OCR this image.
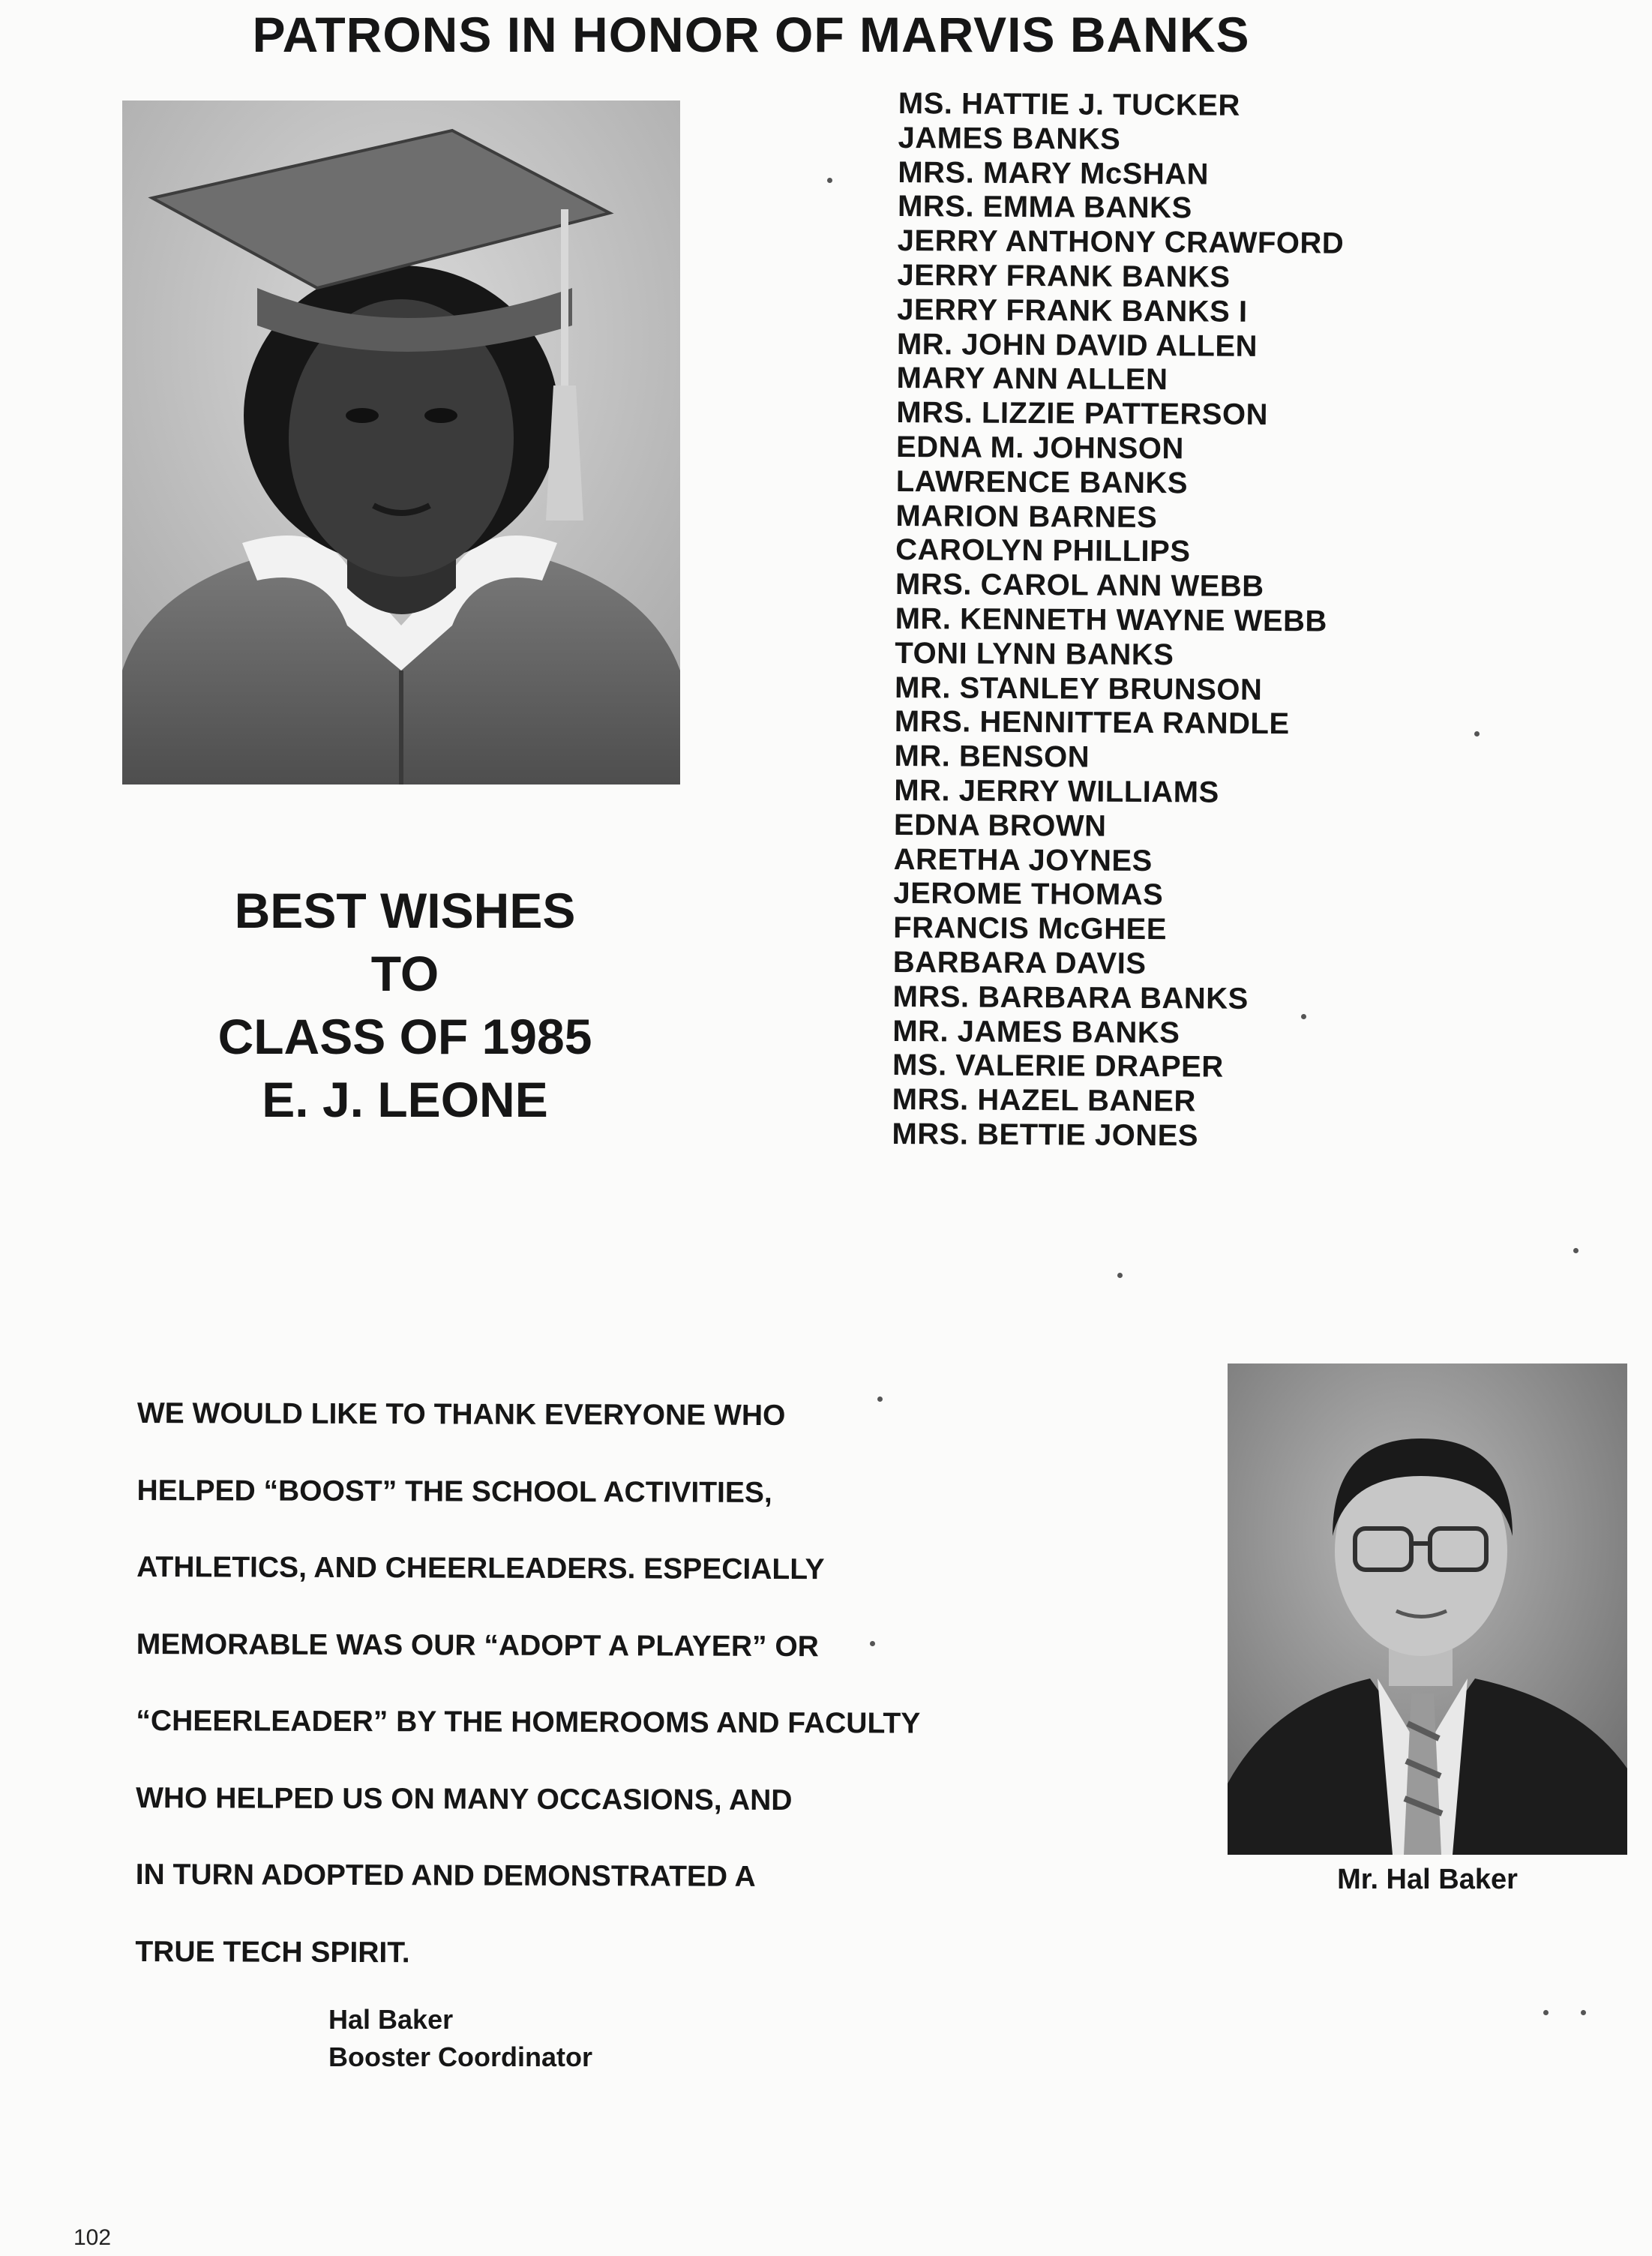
PATRONS IN HONOR OF MARVIS BANKS
BEST WISHES
TO
CLASS OF 1985
E. J. LEONE
MS. HATTIE J. TUCKER
JAMES BANKS
MRS. MARY McSHAN
MRS. EMMA BANKS
JERRY ANTHONY CRAWFORD
JERRY FRANK BANKS
JERRY FRANK BANKS I
MR. JOHN DAVID ALLEN
MARY ANN ALLEN
MRS. LIZZIE PATTERSON
EDNA M. JOHNSON
LAWRENCE BANKS
MARION BARNES
CAROLYN PHILLIPS
MRS. CAROL ANN WEBB
MR. KENNETH WAYNE WEBB
TONI LYNN BANKS
MR. STANLEY BRUNSON
MRS. HENNITTEA RANDLE
MR. BENSON
MR. JERRY WILLIAMS
EDNA BROWN
ARETHA JOYNES
JEROME THOMAS
FRANCIS McGHEE
BARBARA DAVIS
MRS. BARBARA BANKS
MR. JAMES BANKS
MS. VALERIE DRAPER
MRS. HAZEL BANER
MRS. BETTIE JONES
WE WOULD LIKE TO THANK EVERYONE WHO
HELPED “BOOST” THE SCHOOL ACTIVITIES,
ATHLETICS, AND CHEERLEADERS. ESPECIALLY
MEMORABLE WAS OUR “ADOPT A PLAYER” OR
“CHEERLEADER” BY THE HOMEROOMS AND FACULTY
WHO HELPED US ON MANY OCCASIONS, AND
IN TURN ADOPTED AND DEMONSTRATED A
TRUE TECH SPIRIT.
Hal Baker
Booster Coordinator
Mr. Hal Baker
102
